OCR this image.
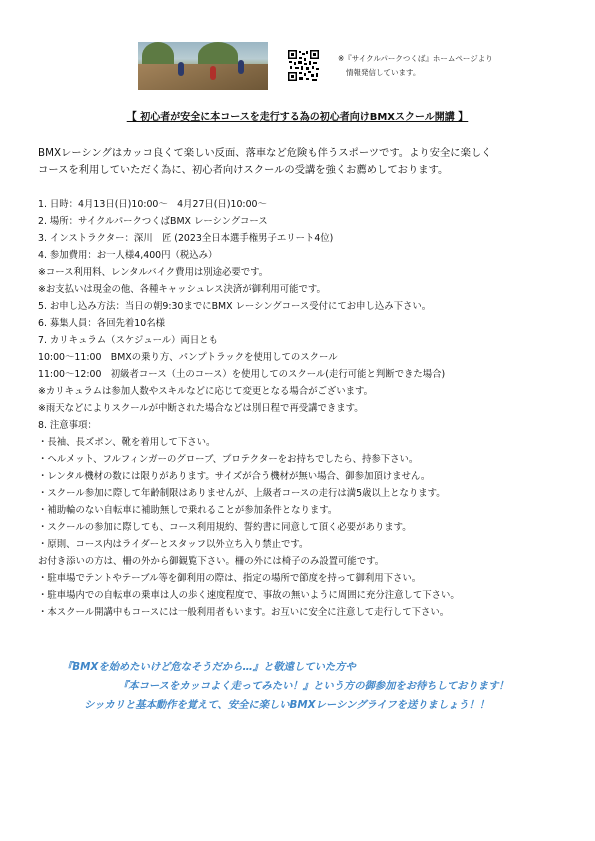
※『サイクルパークつくば』ホームページより
情報発信しています。
【 初心者が安全に本コースを走行する為の初心者向けBMXスクール開講 】
BMXレーシングはカッコ良くて楽しい反面、落車など危険も伴うスポーツです。より安全に楽しく
コースを利用していただく為に、初心者向けスクールの受講を強くお薦めしております。
1. 日時：4月13日(日)10:00～　4月27日(日)10:00～
2. 場所：サイクルパークつくばBMX レーシングコース
3. インストラクター：深川　匠 (2023全日本選手権男子エリート4位)
4. 参加費用：お一人様4,400円（税込み）
※コース利用料、レンタルバイク費用は別途必要です。
※お支払いは現金の他、各種キャッシュレス決済が御利用可能です。
5. お申し込み方法：当日の朝9:30までにBMX レーシングコース受付にてお申し込み下さい。
6. 募集人員：各回先着10名様
7. カリキュラム（スケジュール）両日とも
10:00～11:00　BMXの乗り方、パンプトラックを使用してのスクール
11:00～12:00　初級者コース（土のコース）を使用してのスクール(走行可能と判断できた場合)
※カリキュラムは参加人数やスキルなどに応じて変更となる場合がございます。
※雨天などによりスクールが中断された場合などは別日程で再受講できます。
8. 注意事項：
・長袖、長ズボン、靴を着用して下さい。
・ヘルメット、フルフィンガーのグローブ、プロテクターをお持ちでしたら、持参下さい。
・レンタル機材の数には限りがあります。サイズが合う機材が無い場合、御参加頂けません。
・スクール参加に際して年齢制限はありませんが、上級者コースの走行は満5歳以上となります。
・補助輪のない自転車に補助無しで乗れることが参加条件となります。
・スクールの参加に際しても、コース利用規約、誓約書に同意して頂く必要があります。
・原則、コース内はライダーとスタッフ以外立ち入り禁止です。
お付き添いの方は、柵の外から御観覧下さい。柵の外には椅子のみ設置可能です。
・駐車場でテントやテーブル等を御利用の際は、指定の場所で節度を持って御利用下さい。
・駐車場内での自転車の乗車は人の歩く速度程度で、事故の無いように周囲に充分注意して下さい。
・本スクール開講中もコースには一般利用者もいます。お互いに安全に注意して走行して下さい。
『BMXを始めたいけど危なそうだから…』と敬遠していた方や
『本コースをカッコよく走ってみたい！』という方の御参加をお待ちしております！
シッカリと基本動作を覚えて、安全に楽しいBMXレーシングライフを送りましょう！！
